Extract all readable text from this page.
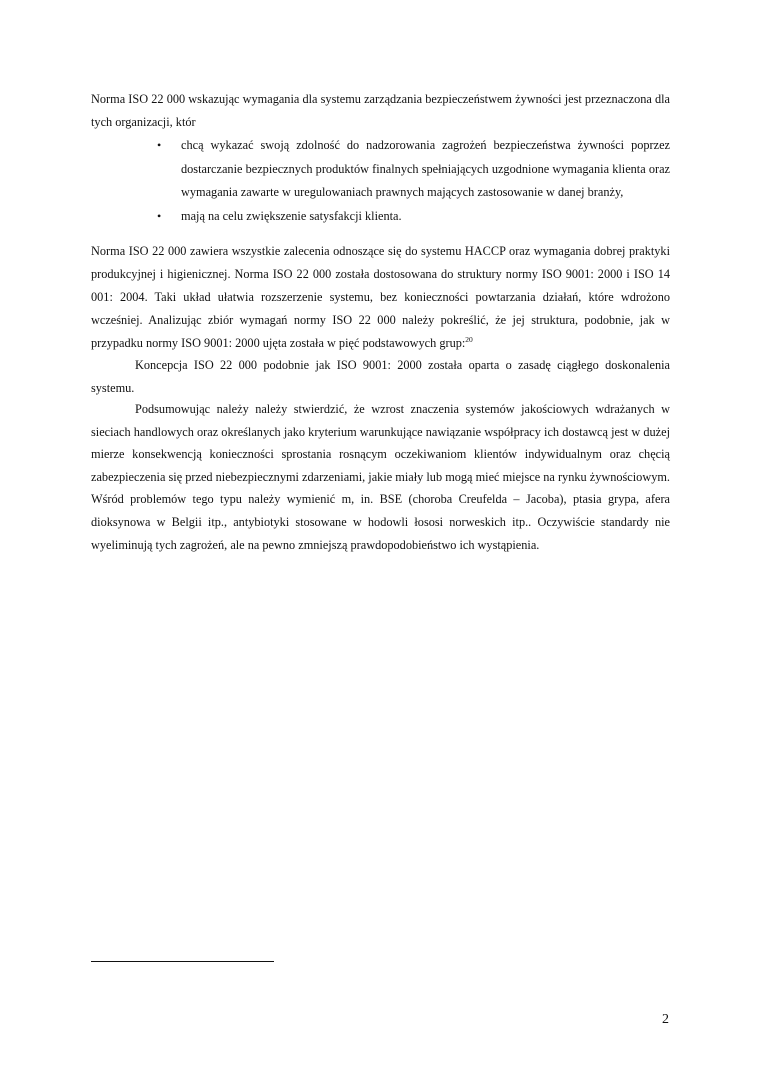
Norma ISO 22 000 wskazując wymagania dla systemu zarządzania bezpieczeństwem żywności jest przeznaczona dla tych organizacji, któr

• chcą wykazać swoją zdolność do nadzorowania zagrożeń bezpieczeństwa żywności poprzez dostarczanie bezpiecznych produktów finalnych spełniających uzgodnione wymagania klienta oraz wymagania zawarte w uregulowaniach prawnych mających zastosowanie w danej branży,
• mają na celu zwiększenie satysfakcji klienta.

Norma ISO 22 000 zawiera wszystkie zalecenia odnoszące się do systemu HACCP oraz wymagania dobrej praktyki produkcyjnej i higienicznej. Norma ISO 22 000 została dostosowana do struktury normy ISO 9001: 2000 i ISO 14 001: 2004. Taki układ ułatwia rozszerzenie systemu, bez konieczności powtarzania działań, które wdrożono wcześniej. Analizując zbiór wymagań normy ISO 22 000 należy pokreślić, że jej struktura, podobnie, jak w przypadku normy ISO 9001: 2000 ujęta została w pięć podstawowych grup:$^{20}$

Koncepcja ISO 22 000 podobnie jak ISO 9001: 2000 została oparta o zasadę ciągłego doskonalenia systemu.

Podsumowując należy należy stwierdzić, że wzrost znaczenia systemów jakościowych wdrażanych w sieciach handlowych oraz określanych jako kryterium warunkujące nawiązanie współpracy ich dostawcą jest w dużej mierze konsekwencją konieczności sprostania rosnącym oczekiwaniom klientów indywidualnym oraz chęcią zabezpieczenia się przed niebezpiecznymi zdarzeniami, jakie miały lub mogą mieć miejsce na rynku żywnościowym. Wśród problemów tego typu należy wymienić m, in. BSE (choroba Creufelda – Jacoba), ptasia grypa, afera dioksynowa w Belgii itp., antybiotyki stosowane w hodowli łososi norweskich itp.. Oczywiście standardy nie wyeliminują tych zagrożeń, ale na pewno zmniejszą prawdopodobieństwo ich wystąpienia.

2
